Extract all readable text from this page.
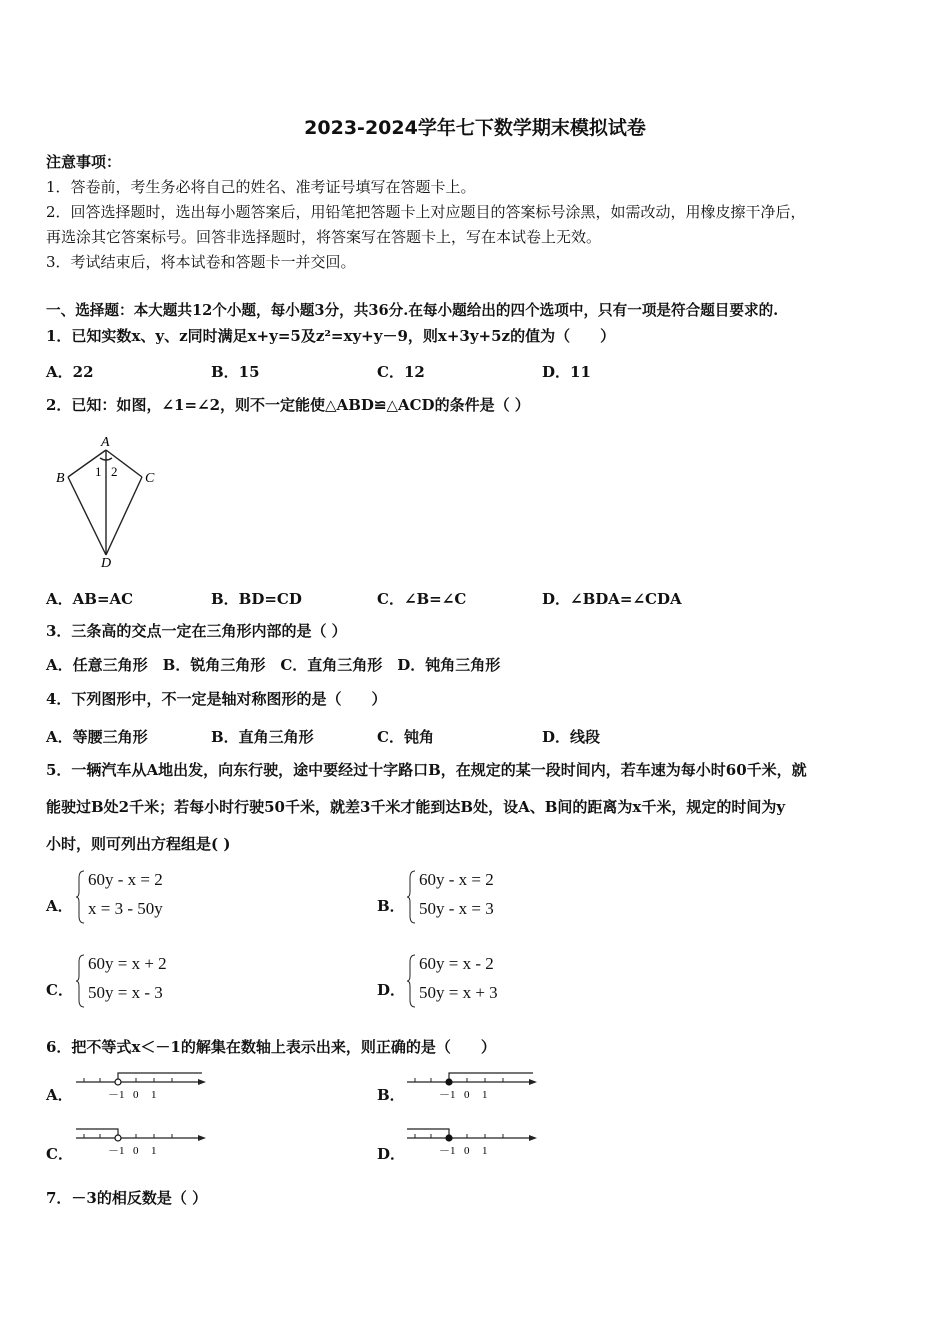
2023-2024学年七下数学期末模拟试卷
注意事项：
1．答卷前，考生务必将自己的姓名、准考证号填写在答题卡上。
2．回答选择题时，选出每小题答案后，用铅笔把答题卡上对应题目的答案标号涂黑，如需改动，用橡皮擦干净后，
再选涂其它答案标号。回答非选择题时，将答案写在答题卡上，写在本试卷上无效。
3．考试结束后，将本试卷和答题卡一并交回。
一、选择题：本大题共12个小题，每小题3分，共36分.在每小题给出的四个选项中，只有一项是符合题目要求的.
1．已知实数x、y、z同时满足x+y=5及z²=xy+y－9，则x+3y+5z的值为（　　）
A．22	B．15	C．12	D．11
2．已知：如图，∠1=∠2，则不一定能使△ABD≌△ACD的条件是（ ）
A
B	C
D
1 2
A．AB=AC	B．BD=CD	C．∠B=∠C	D．∠BDA=∠CDA
3．三条高的交点一定在三角形内部的是（ ）
A．任意三角形　B．锐角三角形　C．直角三角形　D．钝角三角形
4．下列图形中，不一定是轴对称图形的是（　　）
A．等腰三角形	B．直角三角形	C．钝角	D．线段
5．一辆汽车从A地出发，向东行驶，途中要经过十字路口B，在规定的某一段时间内，若车速为每小时60千米，就
能驶过B处2千米；若每小时行驶50千米，就差3千米才能到达B处，设A、B间的距离为x千米，规定的时间为y
小时，则可列出方程组是( )
A．
60y - x = 2
x = 3 - 50y	B．
60y - x = 2
50y - x = 3
C．
60y = x + 2
50y = x - 3	D．
60y = x - 2
50y = x + 3
6．把不等式x＜－1的解集在数轴上表示出来，则正确的是（　　）
A．	－1 0 1	B．	－1 0 1
C．	－1 0 1	D．	－1 0 1
7．－3的相反数是（ ）
